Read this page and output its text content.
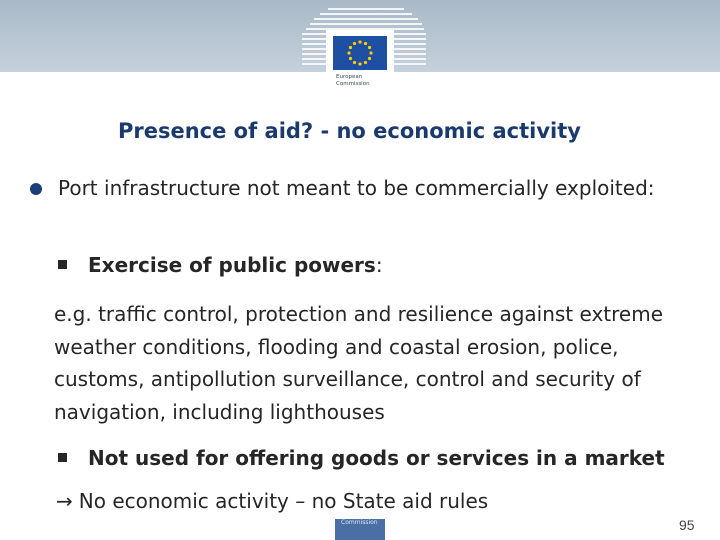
European
Commission
Presence of aid? - no economic activity
Port infrastructure not meant to be commercially exploited:
Exercise of public powers:
e.g. traffic control, protection and resilience against extreme weather conditions, flooding and coastal erosion, police, customs, antipollution surveillance, control and security of navigation, including lighthouses
Not used for offering goods or services in a market
→ No economic activity – no State aid rules
Commission	95
